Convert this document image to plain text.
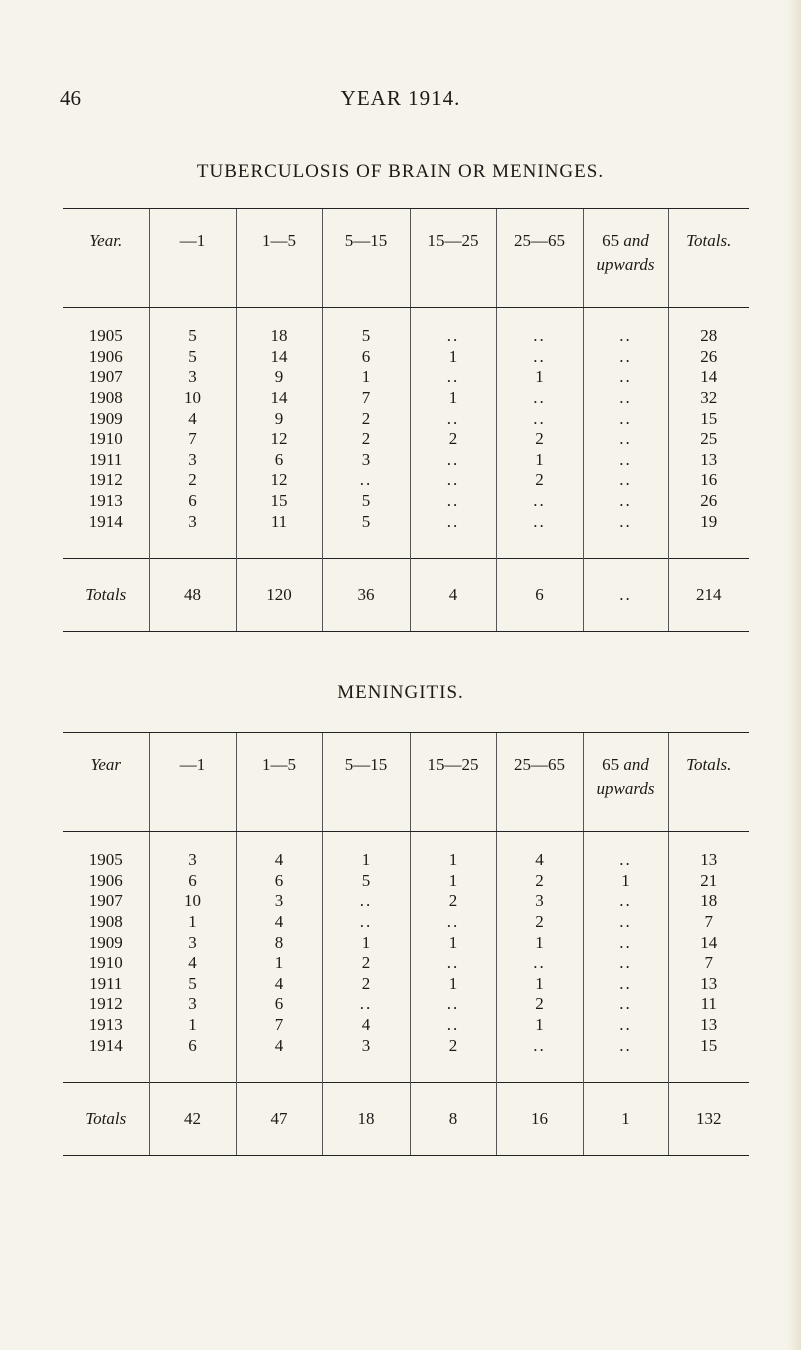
46	YEAR 1914.
TUBERCULOSIS OF BRAIN OR MENINGES.
Year.	—1	1—5	5—15	15—25	25—65	65 and
upwards	Totals.
1905	5	18	5	..	..	..	28
1906	5	14	6	1	..	..	26
1907	3	9	1	..	1	..	14
1908	10	14	7	1	..	..	32
1909	4	9	2	..	..	..	15
1910	7	12	2	2	2	..	25
1911	3	6	3	..	1	..	13
1912	2	12	..	..	2	..	16
1913	6	15	5	..	..	..	26
1914	3	11	5	..	..	..	19
Totals	48	120	36	4	6	..	214
MENINGITIS.
Year	—1	1—5	5—15	15—25	25—65	65 and
upwards	Totals.
1905	3	4	1	1	4	..	13
1906	6	6	5	1	2	1	21
1907	10	3	..	2	3	..	18
1908	1	4	..	..	2	..	7
1909	3	8	1	1	1	..	14
1910	4	1	2	..	..	..	7
1911	5	4	2	1	1	..	13
1912	3	6	..	..	2	..	11
1913	1	7	4	..	1	..	13
1914	6	4	3	2	..	..	15
Totals	42	47	18	8	16	1	132
